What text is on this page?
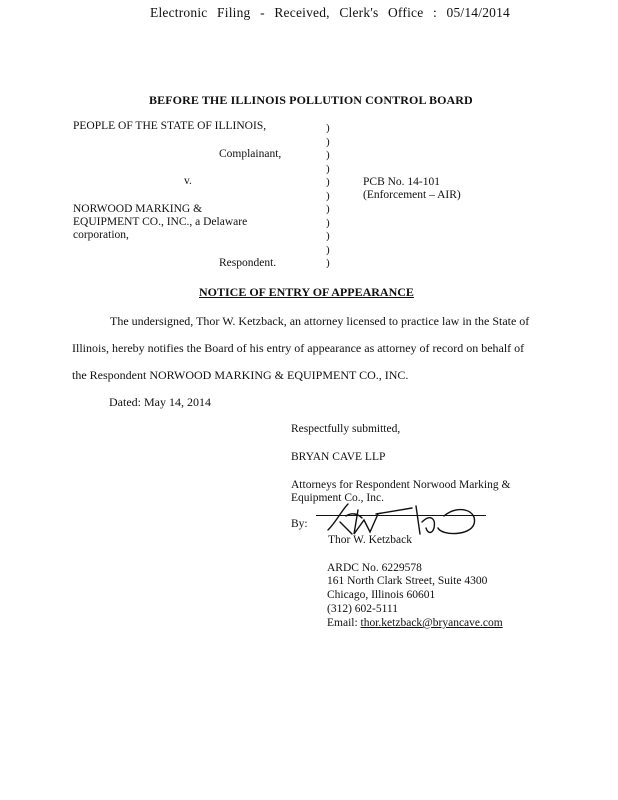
Electronic Filing - Received, Clerk's Office : 05/14/2014
BEFORE THE ILLINOIS POLLUTION CONTROL BOARD
PEOPLE OF THE STATE OF ILLINOIS,
Complainant,
v.
NORWOOD MARKING &
EQUIPMENT CO., INC., a Delaware
corporation,
Respondent.
)
)
)
)
)
)
)
)
)
)
)
PCB No. 14-101
(Enforcement – AIR)
NOTICE OF ENTRY OF APPEARANCE
The undersigned, Thor W. Ketzback, an attorney licensed to practice law in the State of
Illinois, hereby notifies the Board of his entry of appearance as attorney of record on behalf of
the Respondent NORWOOD MARKING & EQUIPMENT CO., INC.
Dated: May 14, 2014
Respectfully submitted,
BRYAN CAVE LLP
Attorneys for Respondent Norwood Marking &
Equipment Co., Inc.
By:
Thor W. Ketzback
ARDC No. 6229578
161 North Clark Street, Suite 4300
Chicago, Illinois 60601
(312) 602-5111
Email: thor.ketzback@bryancave.com
